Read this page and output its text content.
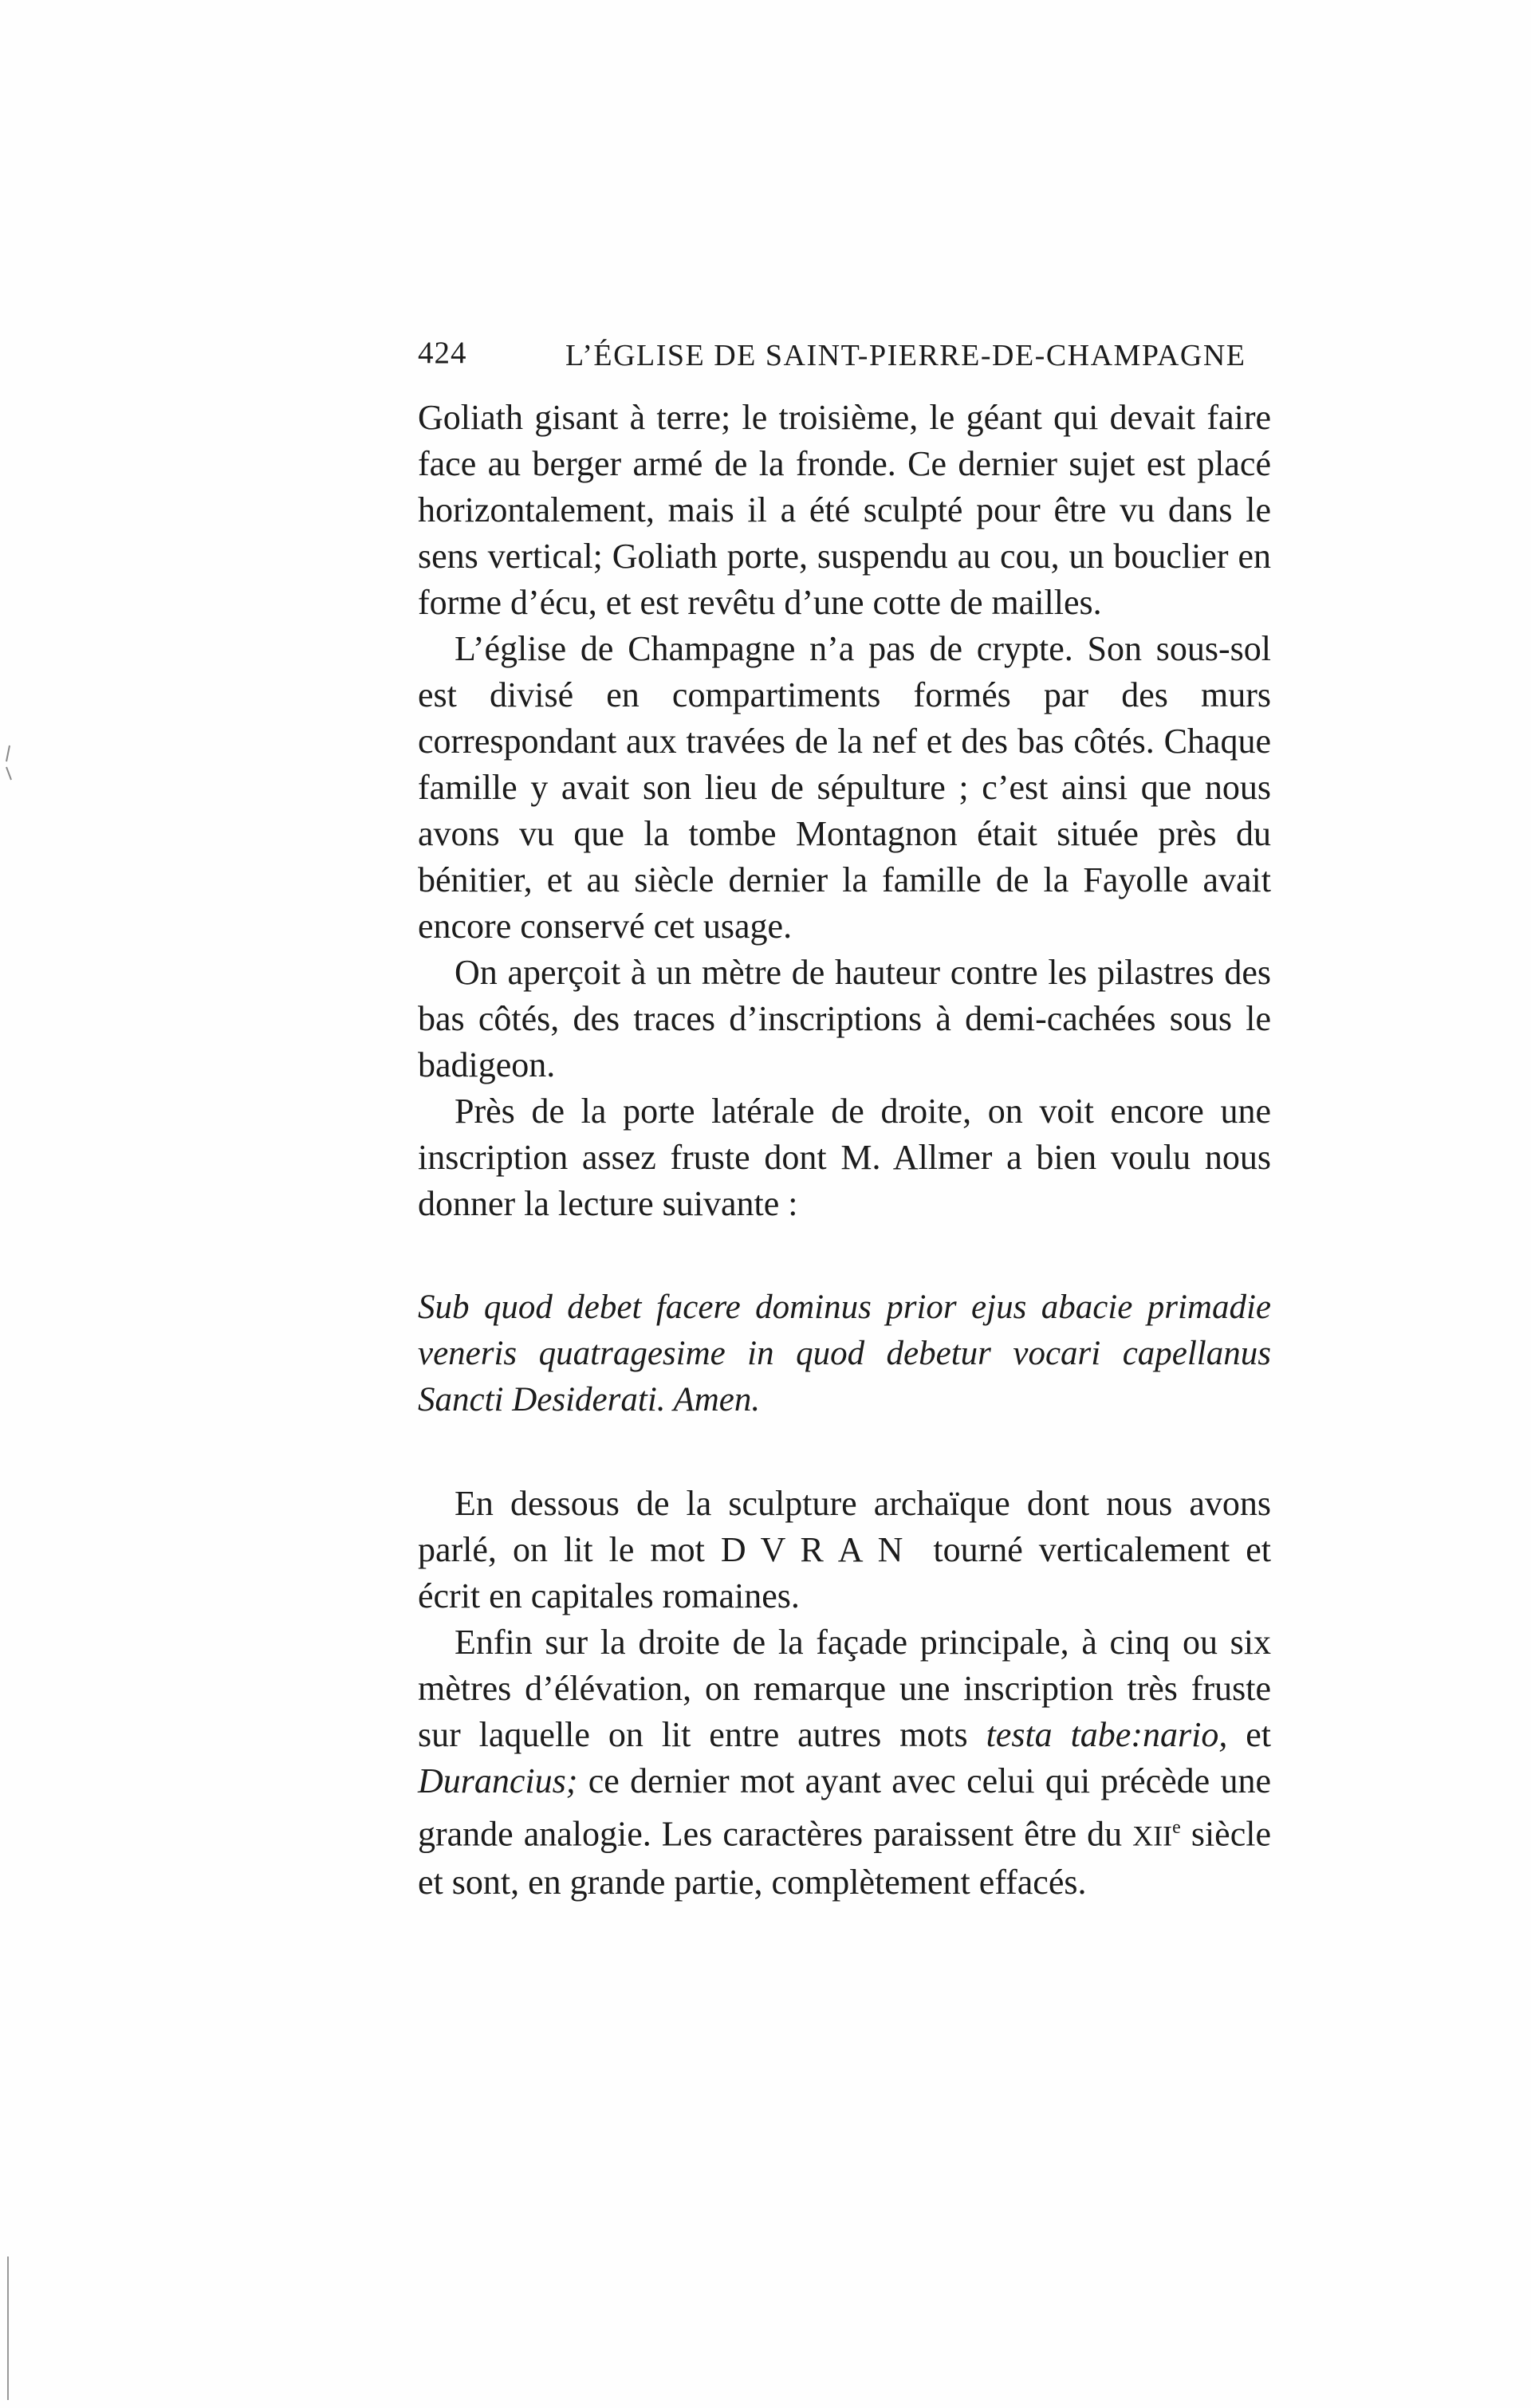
424	L’ÉGLISE DE SAINT-PIERRE-DE-CHAMPAGNE

Goliath gisant à terre; le troisième, le géant qui devait faire face au berger armé de la fronde. Ce dernier sujet est placé horizontalement, mais il a été sculpté pour être vu dans le sens vertical; Goliath porte, suspendu au cou, un bouclier en forme d’écu, et est revêtu d’une cotte de mailles.

L’église de Champagne n’a pas de crypte. Son sous-sol est divisé en compartiments formés par des murs correspondant aux travées de la nef et des bas côtés. Chaque famille y avait son lieu de sépulture ; c’est ainsi que nous avons vu que la tombe Montagnon était située près du bénitier, et au siècle dernier la famille de la Fayolle avait encore conservé cet usage.

On aperçoit à un mètre de hauteur contre les pilastres des bas côtés, des traces d’inscriptions à demi-cachées sous le badigeon.

Près de la porte latérale de droite, on voit encore une inscription assez fruste dont M. Allmer a bien voulu nous donner la lecture suivante :

Sub quod debet facere dominus prior ejus abacie primadie veneris quatragesime in quod debetur vocari capellanus Sancti Desiderati. Amen.

En dessous de la sculpture archaïque dont nous avons parlé, on lit le mot DVRAN tourné verticalement et écrit en capitales romaines.

Enfin sur la droite de la façade principale, à cinq ou six mètres d’élévation, on remarque une inscription très fruste sur laquelle on lit entre autres mots testa tabe:nario, et Durancius; ce dernier mot ayant avec celui qui précède une grande analogie. Les caractères paraissent être du XIIe siècle et sont, en grande partie, complètement effacés.
